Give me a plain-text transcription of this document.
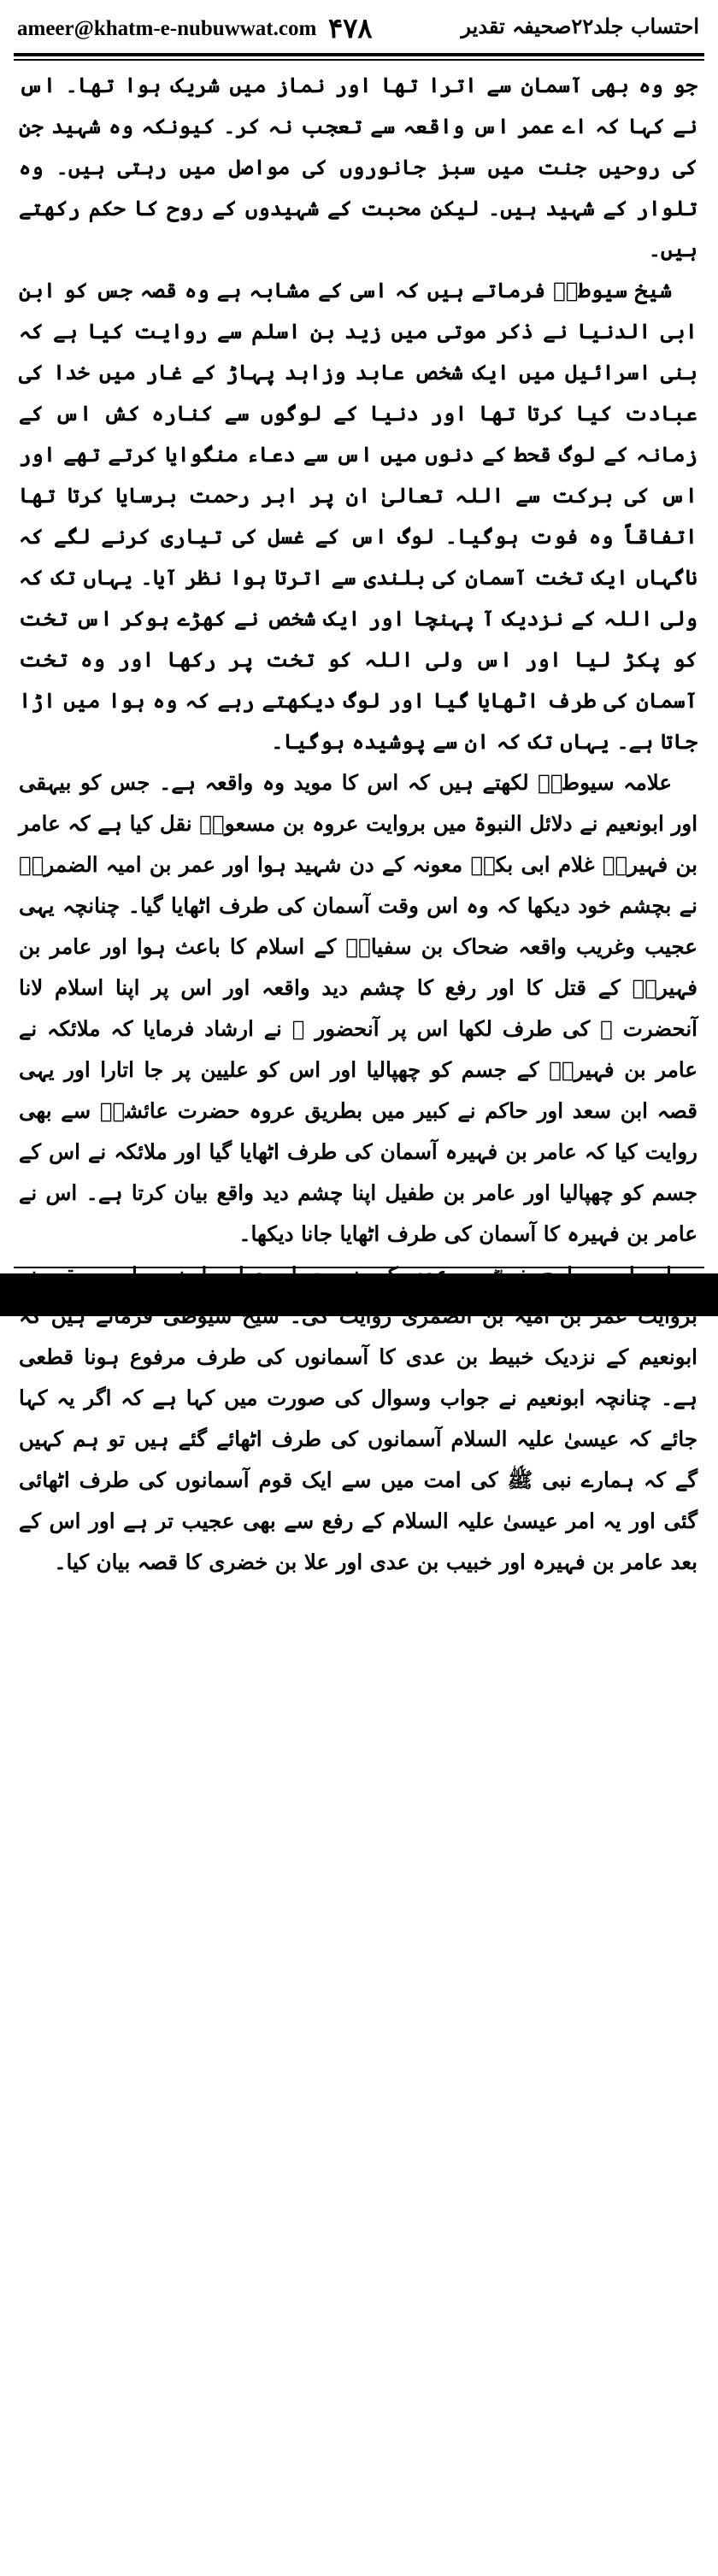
ameer@khatm-e-nubuwwat.com ۴۷۸	احتساب جلد۲۲صحیفہ تقدیر

جو وہ بھی آسمان سے اترا تھا اور نماز میں شریک ہوا تھا۔ اس نے کہا کہ اے عمر اس واقعہ سے تعجب نہ کر۔ کیونکہ وہ شہید جن کی روحیں جنت میں سبز جانوروں کی مواصل میں رہتی ہیں۔ وہ تلوار کے شہید ہیں۔ لیکن محبت کے شہیدوں کے روح کا حکم رکھتے ہیں۔

شیخ سیوطیؒ فرماتے ہیں کہ اسی کے مشابہ ہے وہ قصہ جس کو ابن ابی الدنیا نے ذکر موتی میں زید بن اسلم سے روایت کیا ہے کہ بنی اسرائیل میں ایک شخص عابد وزاہد پہاڑ کے غار میں خدا کی عبادت کیا کرتا تھا اور دنیا کے لوگوں سے کنارہ کش اس کے زمانہ کے لوگ قحط کے دنوں میں اس سے دعاء منگوایا کرتے تھے اور اس کی برکت سے اللہ تعالیٰ ان پر ابر رحمت برسایا کرتا تھا اتفاقاً وہ فوت ہوگیا۔ لوگ اس کے غسل کی تیاری کرنے لگے کہ ناگہاں ایک تخت آسمان کی بلندی سے اترتا ہوا نظر آیا۔ یہاں تک کہ ولی اللہ کے نزدیک آ پہنچا اور ایک شخص نے کھڑے ہوکر اس تخت کو پکڑ لیا اور اس ولی اللہ کو تخت پر رکھا اور وہ تخت آسمان کی طرف اٹھایا گیا اور لوگ دیکھتے رہے کہ وہ ہوا میں اڑا جاتا ہے۔ یہاں تک کہ ان سے پوشیدہ ہوگیا۔

علامہ سیوطیؒ لکھتے ہیں کہ اس کا موید وہ واقعہ ہے۔ جس کو بیہقی اور ابونعیم نے دلائل النبوۃ میں بروایت عروہ بن مسعودؓ نقل کیا ہے کہ عامر بن فہیرہؓ غلام ابی بکرؓ معونہ کے دن شہید ہوا اور عمر بن امیہ الضمریؓ نے بچشم خود دیکھا کہ وہ اس وقت آسمان کی طرف اٹھایا گیا۔ چنانچہ یہی عجیب وغریب واقعہ ضحاک بن سفیانؓ کے اسلام کا باعث ہوا اور عامر بن فہیرہؓ کے قتل کا اور رفع کا چشم دید واقعہ اور اس پر اپنا اسلام لانا آنحضرت ﷺ کی طرف لکھا اس پر آنحضور ﷺ نے ارشاد فرمایا کہ ملائکہ نے عامر بن فہیرہؓ کے جسم کو چھپالیا اور اس کو علیین پر جا اتارا اور یہی قصہ ابن سعد اور حاکم نے کبیر میں بطریق عروہ حضرت عائشہؓ سے بھی روایت کیا کہ عامر بن فہیرہ آسمان کی طرف اٹھایا گیا اور ملائکہ نے اس کے جسم کو چھپالیا اور عامر بن طفیل اپنا چشم دید واقع بیان کرتا ہے۔ اس نے عامر بن فہیرہ کا آسمان کی طرف اٹھایا جانا دیکھا۔

ابونعیم کے نزدیک خبیط بن عدی کا آسمانوں کی طرف مرفوع ہونا قطعی ہے۔ چنانچہ ابونعیم نے جواب وسوال کی صورت میں کہا ہے کہ اگر یہ کہا جائے کہ عیسیٰ علیہ السلام آسمانوں کی طرف اٹھائے گئے ہیں تو ہم کہیں گے کہ ہمارے نبی ﷺ کی امت میں سے ایک قوم آسمانوں کی طرف اٹھائی گئی اور یہ امر عیسیٰ علیہ السلام کے رفع سے بھی عجیب تر ہے اور اس کے بعد عامر بن فہیرہ اور خبیب بن عدی اور علا بن خضری کا قصہ بیان کیا۔

www.amtkn.com	www.facebook.com/amtkn313	www.emaktaba.info
